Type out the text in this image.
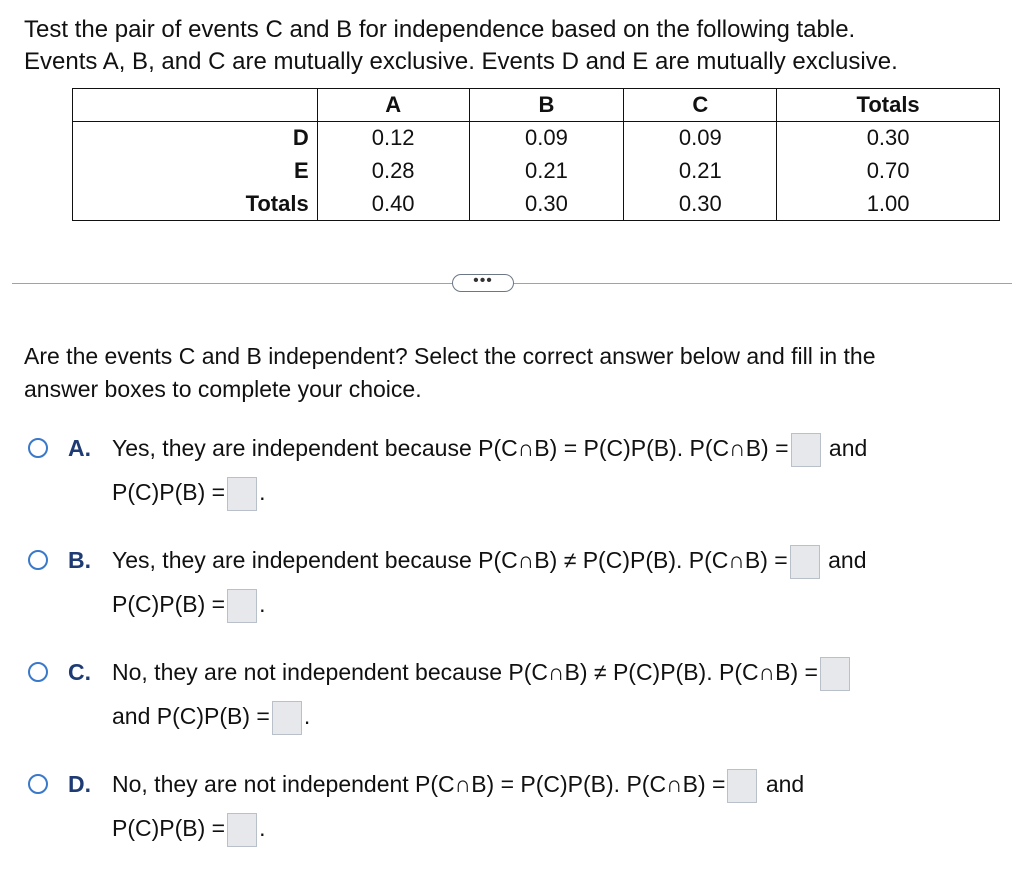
Test the pair of events C and B for independence based on the following table.

Events A, B, and C are mutually exclusive. Events D and E are mutually exclusive.

	A	B	C	Totals
D	0.12	0.09	0.09	0.30
E	0.28	0.21	0.21	0.70
Totals	0.40	0.30	0.30	1.00
•••

Are the events C and B independent? Select the correct answer below and fill in the

answer boxes to complete your choice.

A. Yes, they are independent because P(C∩B) = P(C)P(B). P(C∩B) = and
P(C)P(B) = .
B. Yes, they are independent because P(C∩B) ≠ P(C)P(B). P(C∩B) = and
P(C)P(B) = .
C. No, they are not independent because P(C∩B) ≠ P(C)P(B). P(C∩B) =
and P(C)P(B) = .
D. No, they are not independent P(C∩B) = P(C)P(B). P(C∩B) = and
P(C)P(B) = .
